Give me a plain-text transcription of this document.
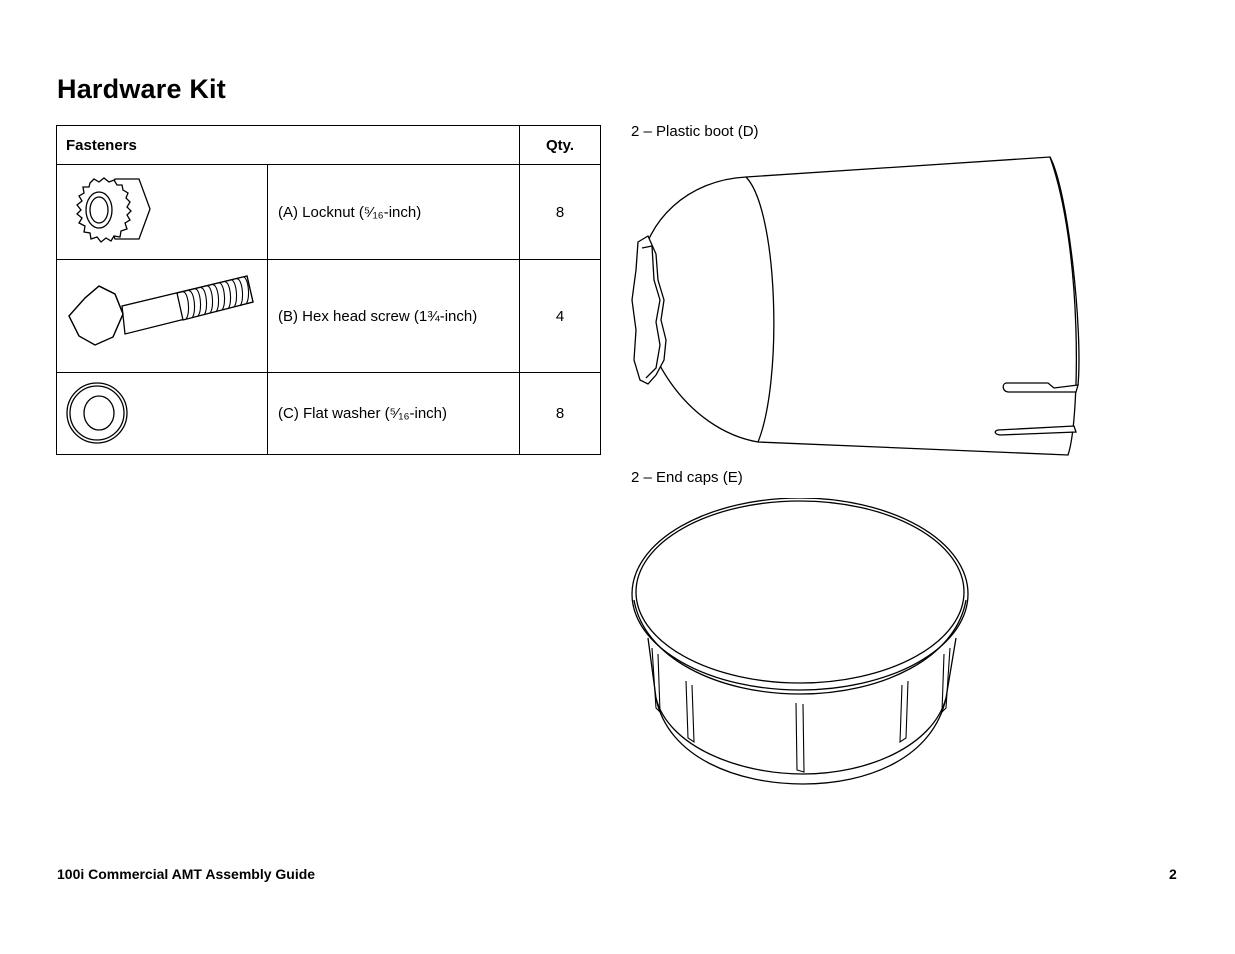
Hardware Kit
Fasteners		Qty.

	(A) Locknut (⁵⁄₁₆-inch)	8

	(B) Hex head screw (1¾-inch)	4

	(C) Flat washer (⁵⁄₁₆-inch)	8
2 – Plastic boot (D)
2 – End caps (E)
100i Commercial AMT Assembly Guide	2
